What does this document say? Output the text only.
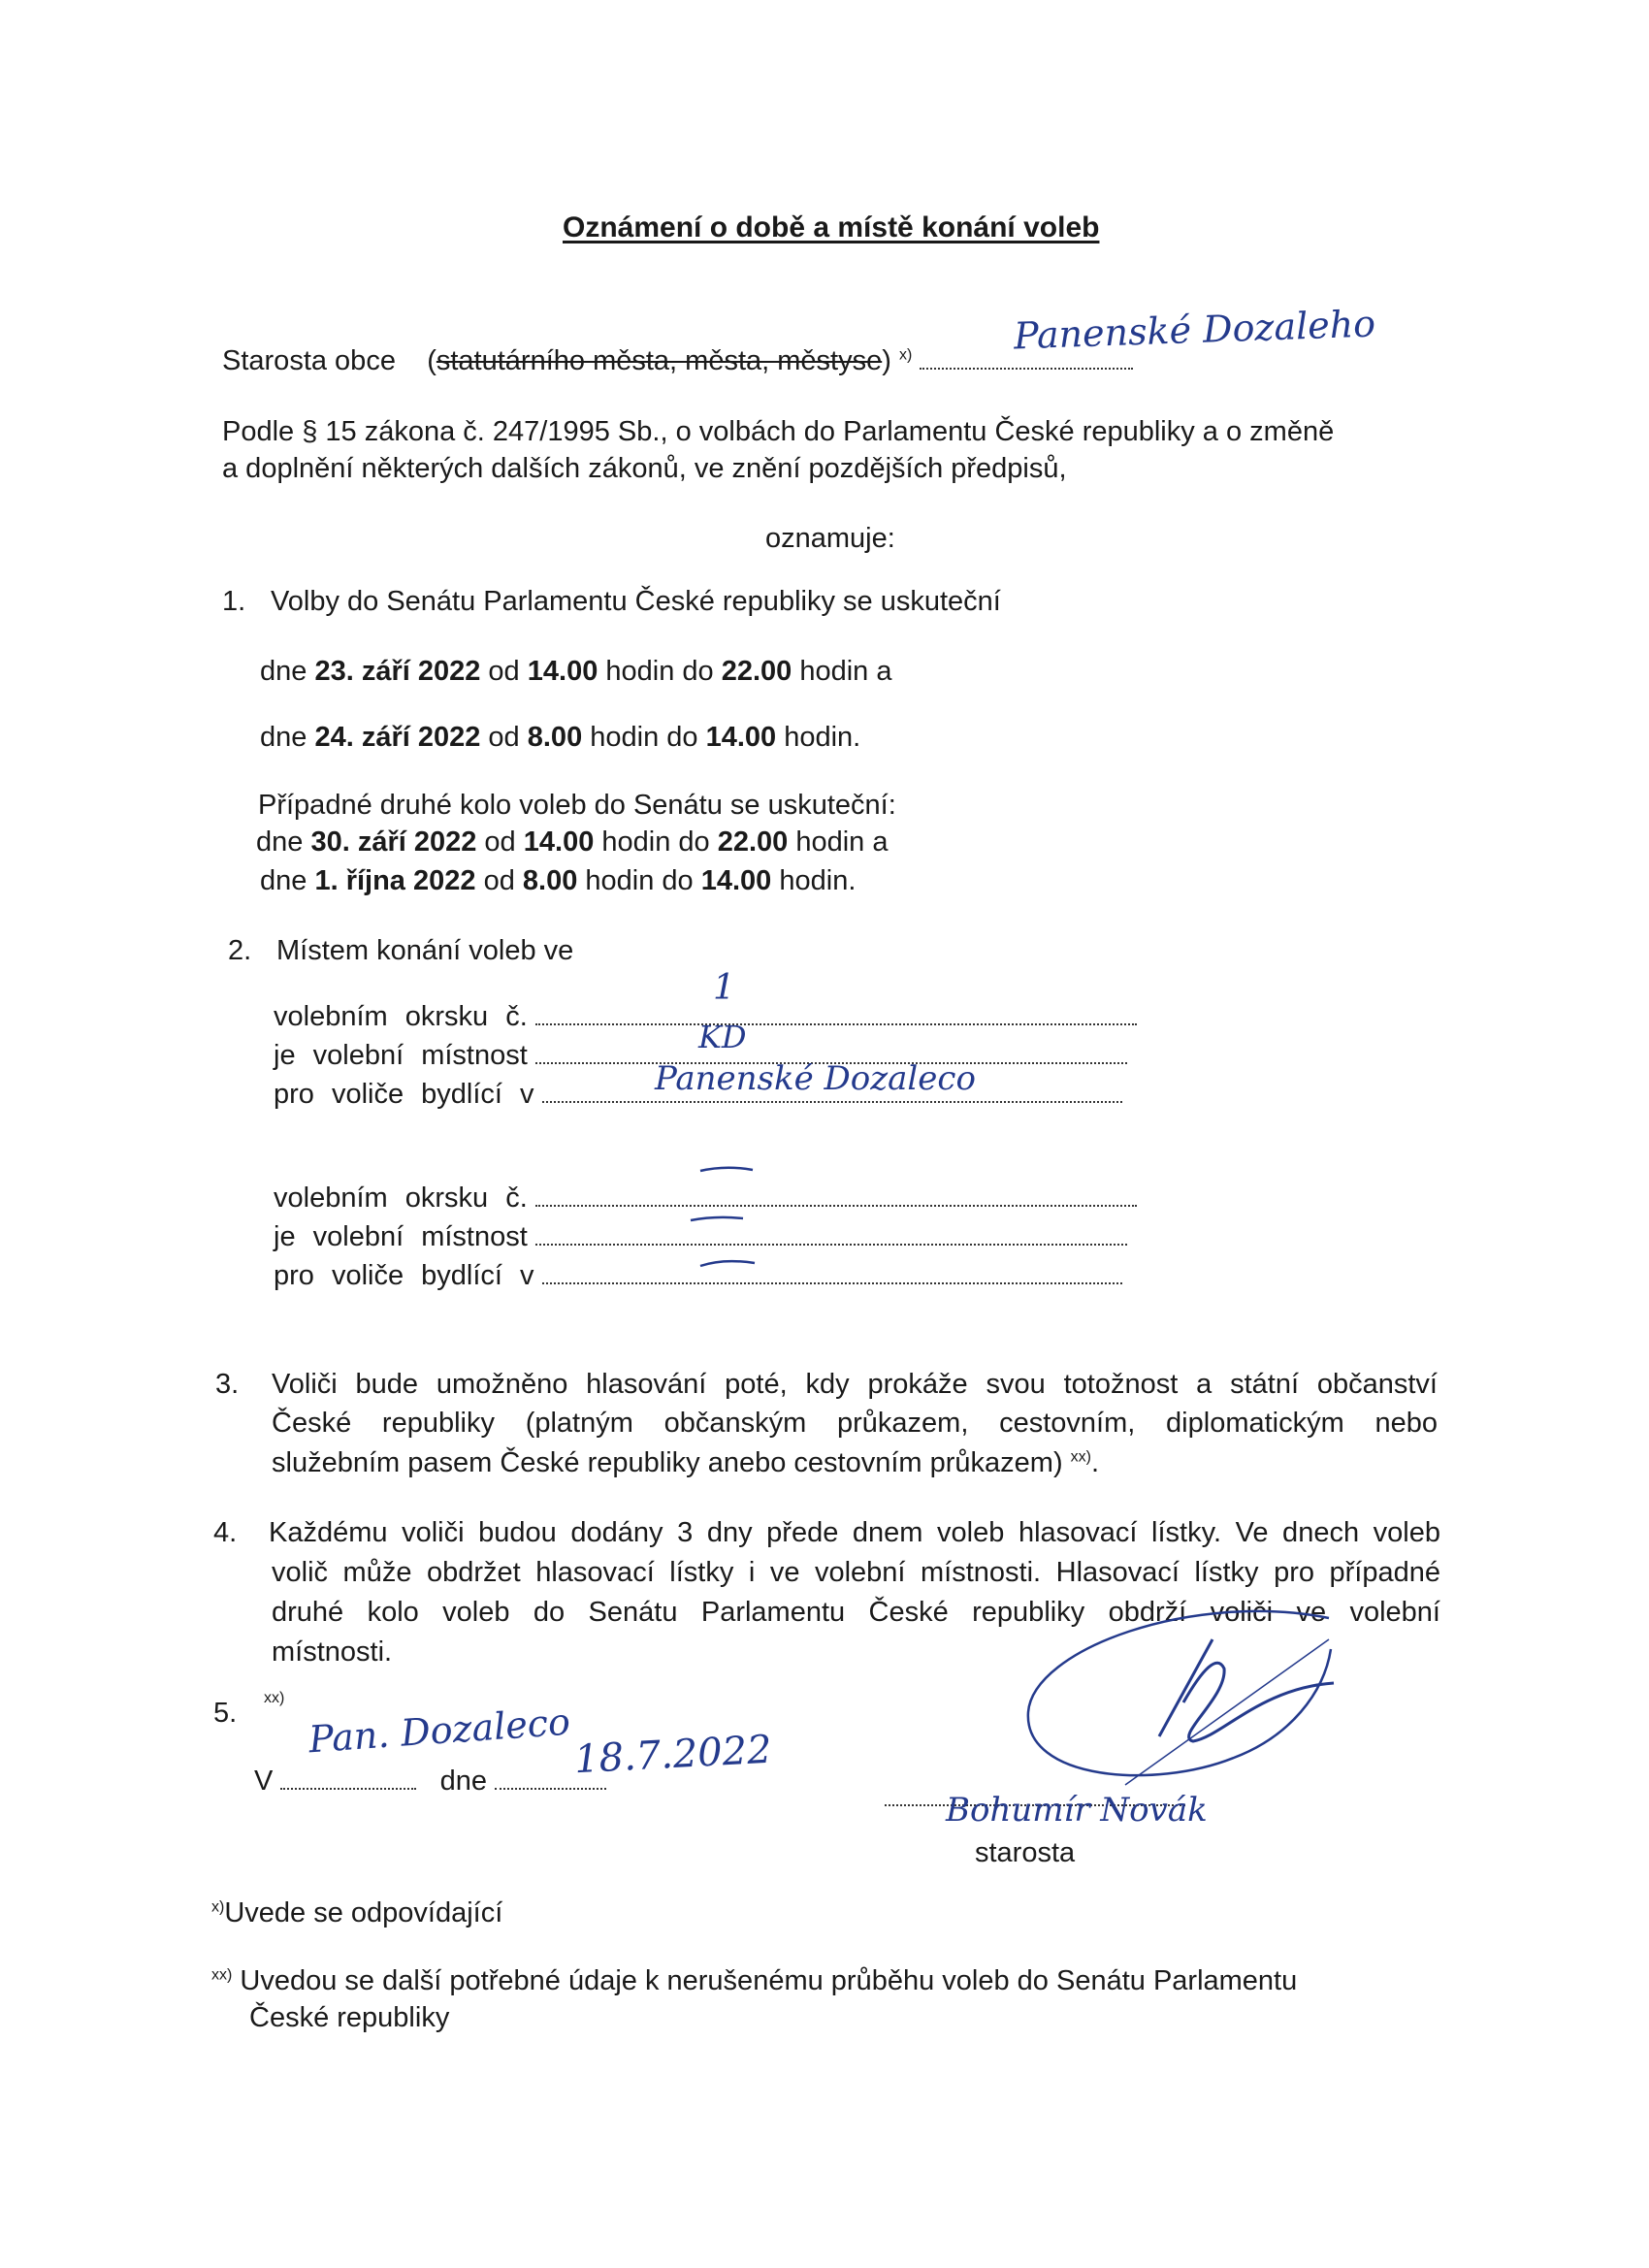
Oznámení o době a místě konání voleb
Starosta obce (statutárního města, města, městyse) $^{x)}$	Panenské Dozaleho
Podle § 15 zákona č. 247/1995 Sb., o volbách do Parlamentu České republiky a o změně
a doplnění některých dalších zákonů, ve znění pozdějších předpisů,
oznamuje:
1. Volby do Senátu Parlamentu České republiky se uskuteční
dne 23. září 2022 od 14.00 hodin do 22.00 hodin a
dne 24. září 2022 od 8.00 hodin do 14.00 hodin.
Případné druhé kolo voleb do Senátu se uskuteční:
dne 30. září 2022 od 14.00 hodin do 22.00 hodin a
dne 1. října 2022 od 8.00 hodin do 14.00 hodin.
2. Místem konání voleb ve
volebním okrsku č.
je volební místnost
pro voliče bydlící v
1
KD
Panenské Dozaleco
volebním okrsku č.
je volební místnost
pro voliče bydlící v
3. Voliči bude umožněno hlasování poté, kdy prokáže svou totožnost a státní občanství
České republiky (platným občanským průkazem, cestovním, diplomatickým nebo
služebním pasem České republiky anebo cestovním průkazem) $^{xx)}$.
4. Každému voliči budou dodány 3 dny přede dnem voleb hlasovací lístky. Ve dnech voleb
volič může obdržet hlasovací lístky i ve volební místnosti. Hlasovací lístky pro případné
druhé kolo voleb do Senátu Parlamentu České republiky obdrží voliči ve volební
místnosti.
5. xx)
V	dne
Pan. Dozaleco 18.7.2022
Bohumír Novák
starosta
$^{x)}$Uvede se odpovídající
$^{xx)}$ Uvedou se další potřebné údaje k nerušenému průběhu voleb do Senátu Parlamentu
České republiky
